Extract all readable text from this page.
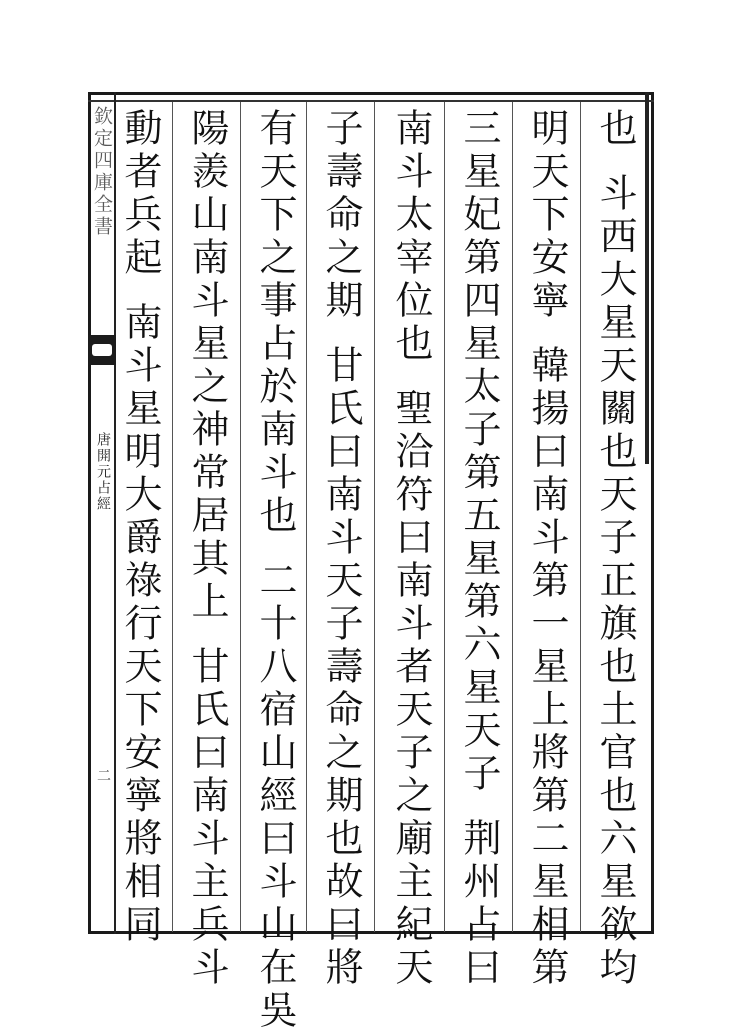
欽定四庫全書
唐開元占經
二
也斗西大星天關也天子正旗也土官也六星欲均
明天下安寧韓揚曰南斗第一星上將第二星相第
三星妃第四星太子第五星第六星天子荆州占曰
南斗太宰位也聖洽符曰南斗者天子之廟主紀天
子壽命之期甘氏曰南斗天子壽命之期也故曰將
有天下之事占於南斗也二十八宿山經曰斗山在吳
陽羨山南斗星之神常居其上甘氏曰南斗主兵斗
動者兵起南斗星明大爵祿行天下安寧將相同
